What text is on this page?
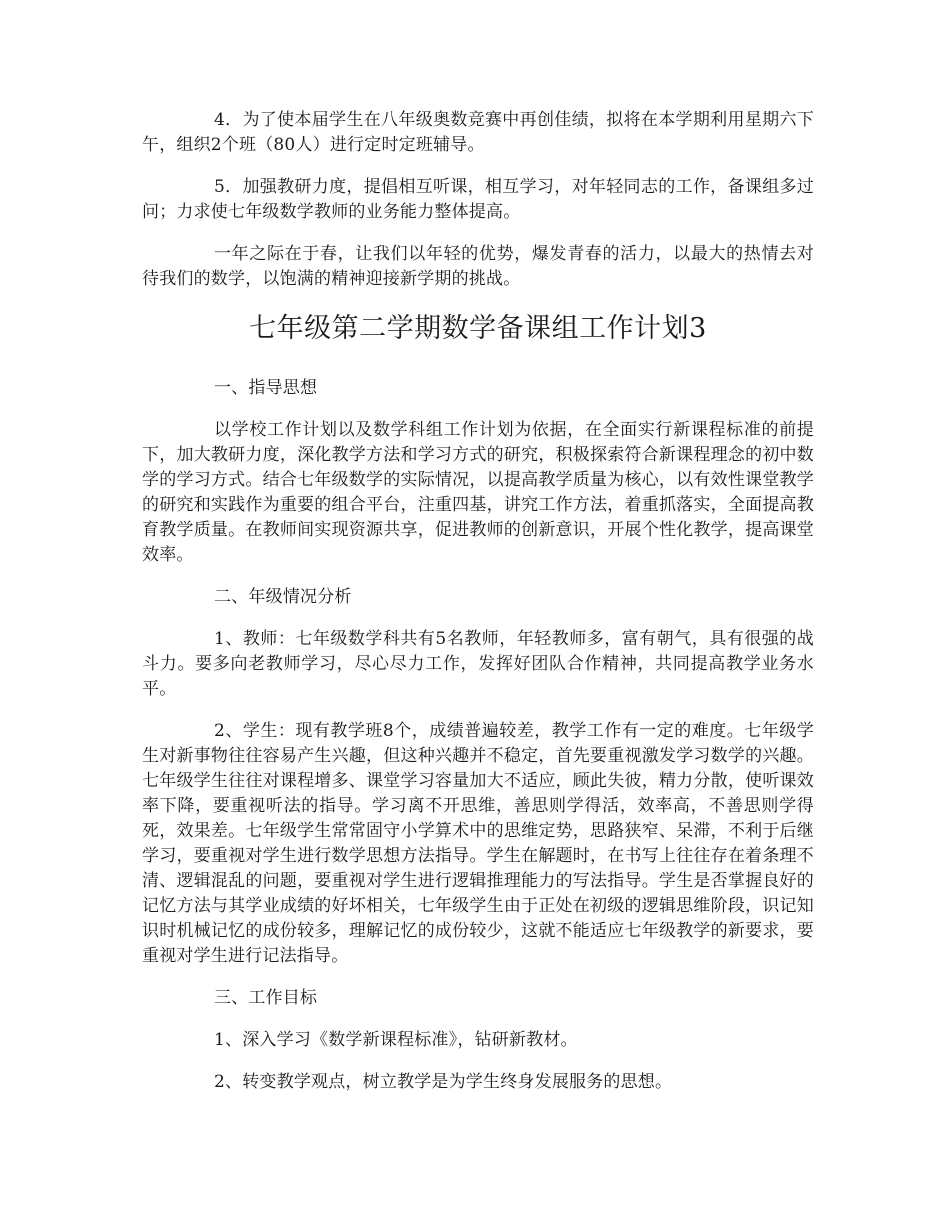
4．为了使本届学生在八年级奥数竞赛中再创佳绩，拟将在本学期利用星期六下午，组织2个班（80人）进行定时定班辅导。

5．加强教研力度，提倡相互听课，相互学习，对年轻同志的工作，备课组多过问；力求使七年级数学教师的业务能力整体提高。

一年之际在于春，让我们以年轻的优势，爆发青春的活力，以最大的热情去对待我们的数学，以饱满的精神迎接新学期的挑战。

七年级第二学期数学备课组工作计划3

一、指导思想

以学校工作计划以及数学科组工作计划为依据，在全面实行新课程标准的前提下，加大教研力度，深化教学方法和学习方式的研究，积极探索符合新课程理念的初中数学的学习方式。结合七年级数学的实际情况，以提高教学质量为核心，以有效性课堂教学的研究和实践作为重要的组合平台，注重四基，讲究工作方法，着重抓落实，全面提高教育教学质量。在教师间实现资源共享，促进教师的创新意识，开展个性化教学，提高课堂效率。

二、年级情况分析

1、教师：七年级数学科共有5名教师，年轻教师多，富有朝气，具有很强的战斗力。要多向老教师学习，尽心尽力工作，发挥好团队合作精神，共同提高教学业务水平。

2、学生：现有教学班8个，成绩普遍较差，教学工作有一定的难度。七年级学生对新事物往往容易产生兴趣，但这种兴趣并不稳定，首先要重视激发学习数学的兴趣。七年级学生往往对课程增多、课堂学习容量加大不适应，顾此失彼，精力分散，使听课效率下降，要重视听法的指导。学习离不开思维，善思则学得活，效率高，不善思则学得死，效果差。七年级学生常常固守小学算术中的思维定势，思路狭窄、呆滞，不利于后继学习，要重视对学生进行数学思想方法指导。学生在解题时，在书写上往往存在着条理不清、逻辑混乱的问题，要重视对学生进行逻辑推理能力的写法指导。学生是否掌握良好的记忆方法与其学业成绩的好坏相关，七年级学生由于正处在初级的逻辑思维阶段，识记知识时机械记忆的成份较多，理解记忆的成份较少，这就不能适应七年级教学的新要求，要重视对学生进行记法指导。

三、工作目标

1、深入学习《数学新课程标准》，钻研新教材。

2、转变教学观点，树立教学是为学生终身发展服务的思想。
